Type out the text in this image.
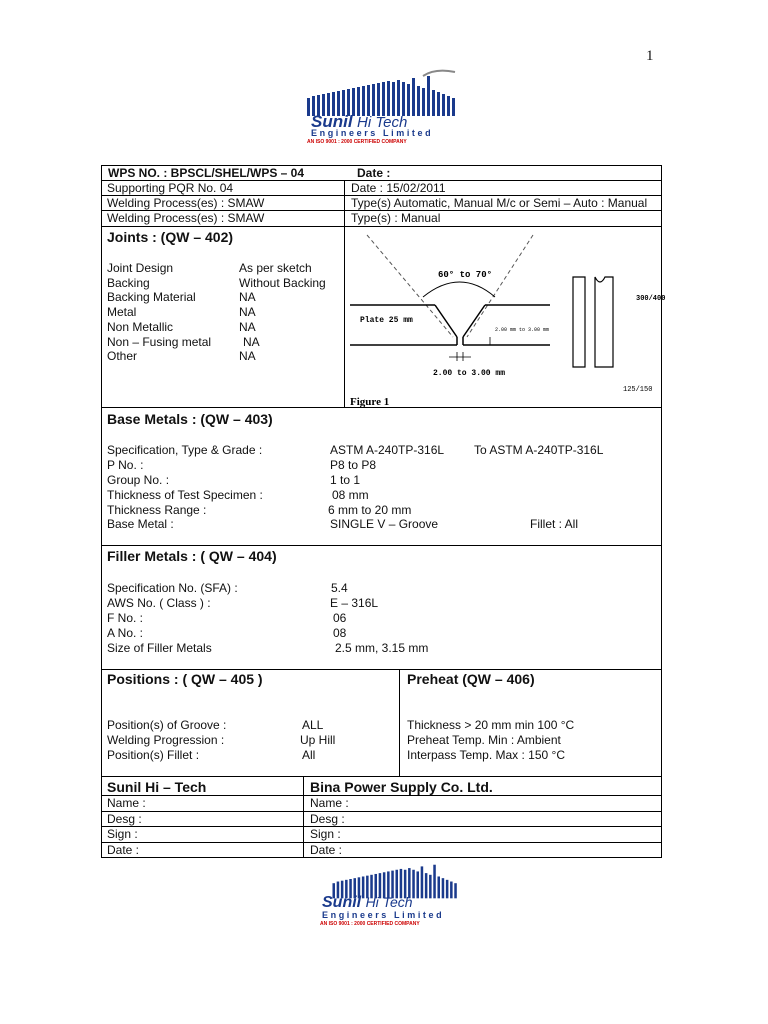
1
Sunil Hi Tech
Engineers Limited
AN ISO 9001 : 2000 CERTIFIED COMPANY
WPS NO. : BPSCL/SHEL/WPS – 04	Date :
Supporting PQR No. 04	Date : 15/02/2011
Welding Process(es) : SMAW	Type(s) Automatic, Manual M/c or Semi – Auto : Manual
Welding Process(es) : SMAW	Type(s) : Manual
Joints : (QW – 402)
Joint Design	As per sketch
Backing	Without Backing
Backing Material	NA
Metal	NA
Non Metallic	NA
Non – Fusing metal	NA
Other	NA
60° to 70°
Plate 25 mm
2.00 mm to 3.00 mm
2.00 to 3.00 mm
Figure 1
300/400
125/150
Base Metals : (QW – 403)
Specification, Type & Grade :	ASTM A-240TP-316L To ASTM A-240TP-316L
P No. :	P8 to P8
Group No. :	1 to 1
Thickness of Test Specimen :	08 mm
Thickness Range :	6 mm to 20 mm
Base Metal :	SINGLE V – Groove	Fillet : All
Filler Metals : ( QW – 404)
Specification No. (SFA) :	5.4
AWS No. ( Class ) :	E – 316L
F No. :	06
A No. :	08
Size of Filler Metals	2.5 mm, 3.15 mm
Positions : ( QW – 405 )	Preheat (QW – 406)
Position(s) of Groove :	ALL
Welding Progression :	Up Hill
Position(s) Fillet :	All
Thickness > 20 mm min 100 °C
Preheat Temp. Min : Ambient
Interpass Temp. Max : 150 °C
Sunil Hi – Tech	Bina Power Supply Co. Ltd.
Name :	Name :
Desg :	Desg :
Sign :	Sign :
Date :	Date :
Sunil Hi Tech
Engineers Limited
AN ISO 9001 : 2000 CERTIFIED COMPANY
